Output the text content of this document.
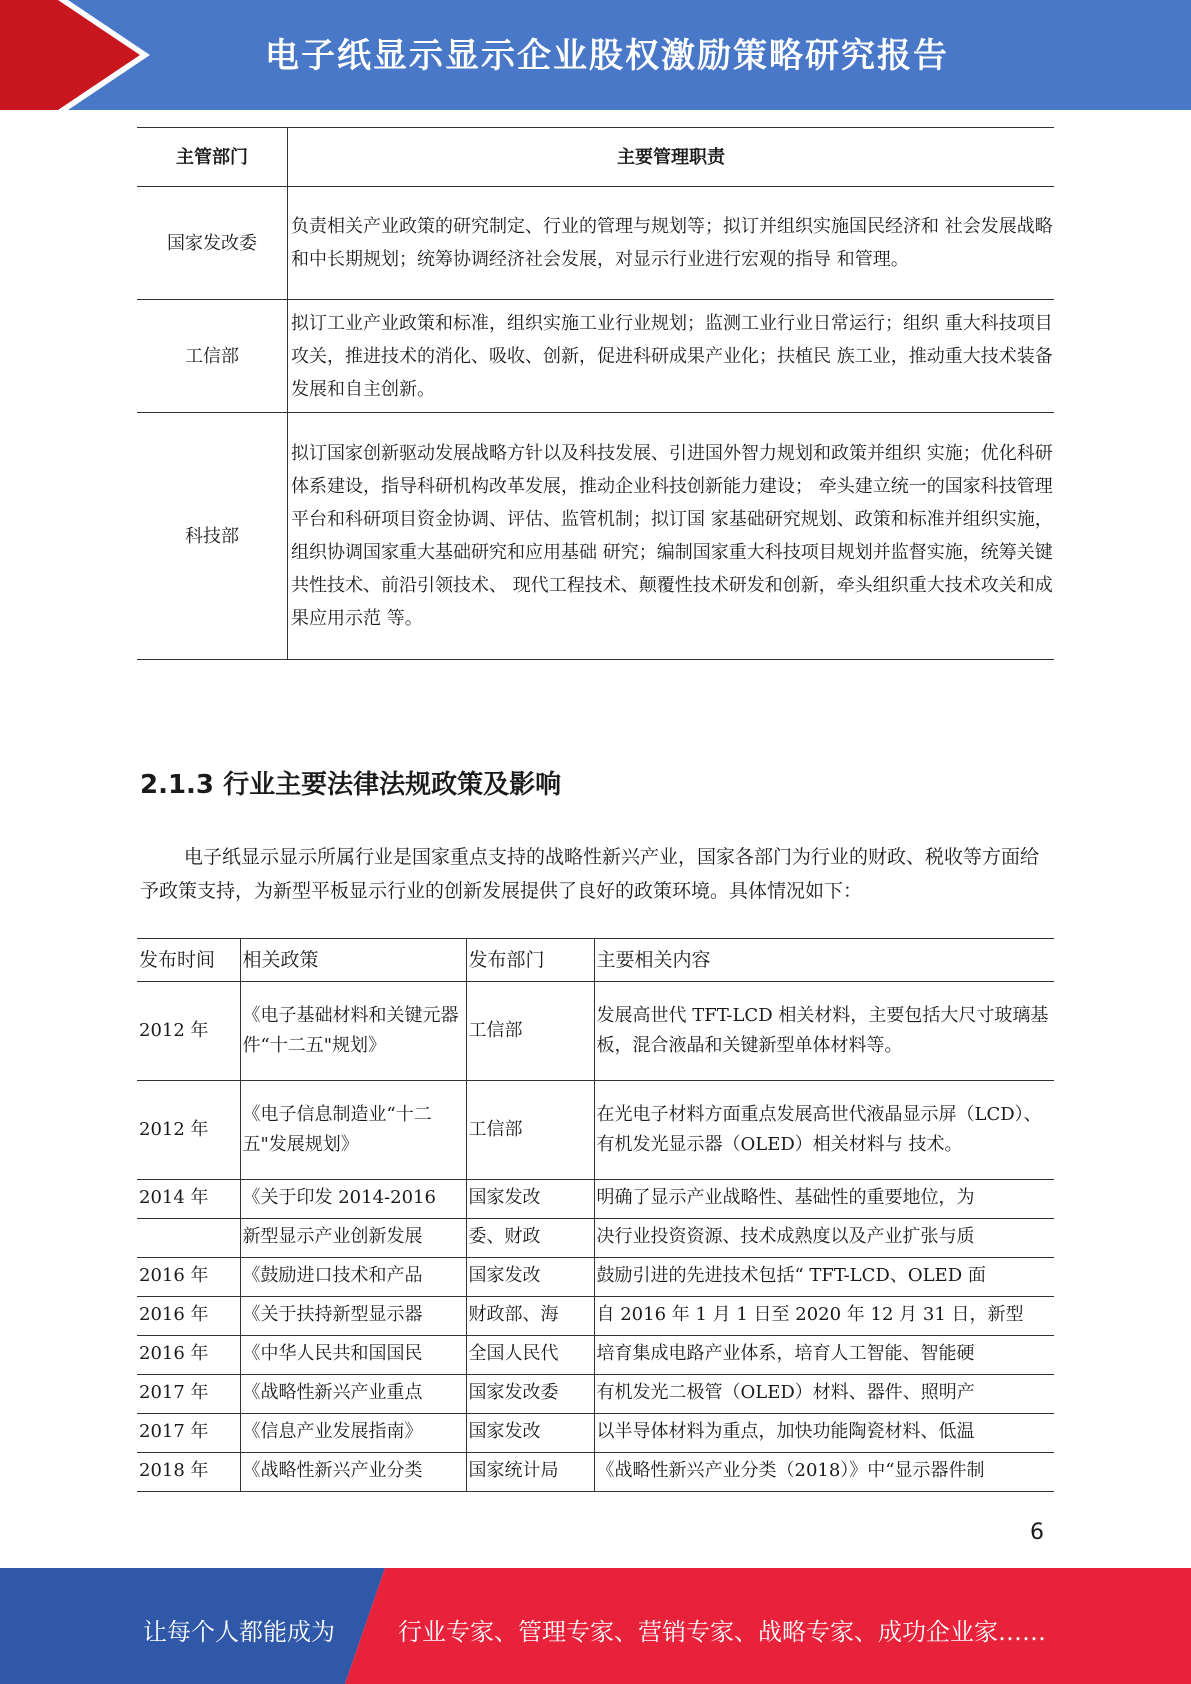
电子纸显示显示企业股权激励策略研究报告
主管部门	主要管理职责
国家发改委	负责相关产业政策的研究制定、行业的管理与规划等；拟订并组织实施国民经济和 社会发展战略和中长期规划；统筹协调经济社会发展，对显示行业进行宏观的指导 和管理。
工信部	拟订工业产业政策和标准，组织实施工业行业规划；监测工业行业日常运行；组织 重大科技项目攻关，推进技术的消化、吸收、创新，促进科研成果产业化；扶植民 族工业，推动重大技术装备发展和自主创新。
科技部	拟订国家创新驱动发展战略方针以及科技发展、引进国外智力规划和政策并组织 实施；优化科研体系建设，指导科研机构改革发展，推动企业科技创新能力建设； 牵头建立统一的国家科技管理平台和科研项目资金协调、评估、监管机制；拟订国 家基础研究规划、政策和标准并组织实施，组织协调国家重大基础研究和应用基础 研究；编制国家重大科技项目规划并监督实施，统筹关键共性技术、前沿引领技术、 现代工程技术、颠覆性技术研发和创新，牵头组织重大技术攻关和成果应用示范 等。
2.1.3 行业主要法律法规政策及影响
电子纸显示显示所属行业是国家重点支持的战略性新兴产业，国家各部门为行业的财政、税收等方面给予政策支持，为新型平板显示行业的创新发展提供了良好的政策环境。具体情况如下：
发布时间	相关政策	发布部门	主要相关内容

2012 年	《电子基础材料和关键元器件“十二五"规划》	工信部	发展高世代 TFT-LCD 相关材料，主要包括大尺寸玻璃基板，混合液晶和关键新型单体材料等。

2012 年	《电子信息制造业“十二五"发展规划》	工信部	在光电子材料方面重点发展高世代液晶显示屏（LCD）、有机发光显示器（OLED）相关材料与 技术。

2014 年	《关于印发 2014-2016	国家发改	明确了显示产业战略性、基础性的重要地位，为

	新型显示产业创新发展	委、财政	决行业投资资源、技术成熟度以及产业扩张与质

2016 年	《鼓励进口技术和产品	国家发改	鼓励引进的先进技术包括“ TFT-LCD、OLED 面

2016 年	《关于扶持新型显示器	财政部、海	自 2016 年 1 月 1 日至 2020 年 12 月 31 日，新型

2016 年	《中华人民共和国国民	全国人民代	培育集成电路产业体系，培育人工智能、智能硬

2017 年	《战略性新兴产业重点	国家发改委	有机发光二极管（OLED）材料、器件、照明产

2017 年	《信息产业发展指南》	国家发改	以半导体材料为重点，加快功能陶瓷材料、低温

2018 年	《战略性新兴产业分类	国家统计局	《战略性新兴产业分类（2018）》中“显示器件制
6
让每个人都能成为	行业专家、管理专家、营销专家、战略专家、成功企业家……
